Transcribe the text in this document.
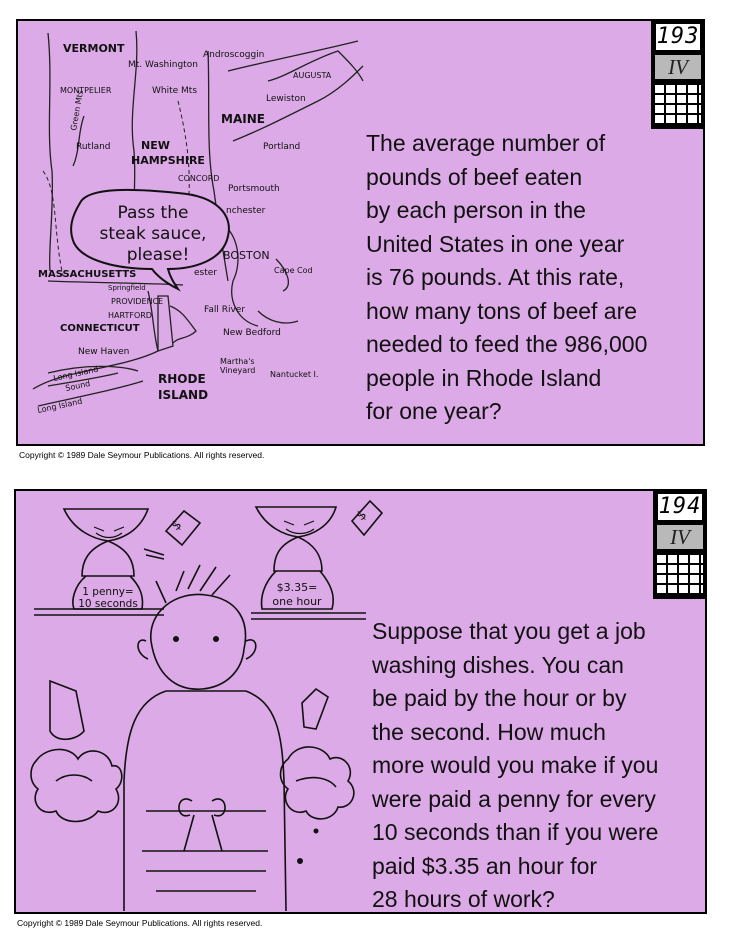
Pass the
steak sauce,
please!
VERMONT
Mt. Washington
Androscoggin
AUGUSTA
MONTPELIER	White Mts
Lewiston
MAINE
Green Mts
Rutland	NEW
HAMPSHIRE
Portland
CONCORD
Portsmouth
nchester
BOSTON
ester	Cape Cod
MASSACHUSETTS
Springfield
PROVIDENCE
HARTFORD
Fall River
CONNECTICUT	New Bedford
New Haven
Martha's
Vineyard Nantucket I.
Long Island
Sound	RHODE
ISLAND
Long Island
193
IV

The average number of
pounds of beef eaten
by each person in the
United States in one year
is 76 pounds. At this rate,
how many tons of beef are
needed to feed the 986,000
people in Rhode Island
for one year?

Copyright © 1989 Dale Seymour Publications. All rights reserved.
$
$
1 penny=
10 seconds
$3.35=
one hour
194
IV

Suppose that you get a job
washing dishes. You can
be paid by the hour or by
the second. How much
more would you make if you
were paid a penny for every
10 seconds than if you were
paid $3.35 an hour for
28 hours of work?

Copyright © 1989 Dale Seymour Publications. All rights reserved.
